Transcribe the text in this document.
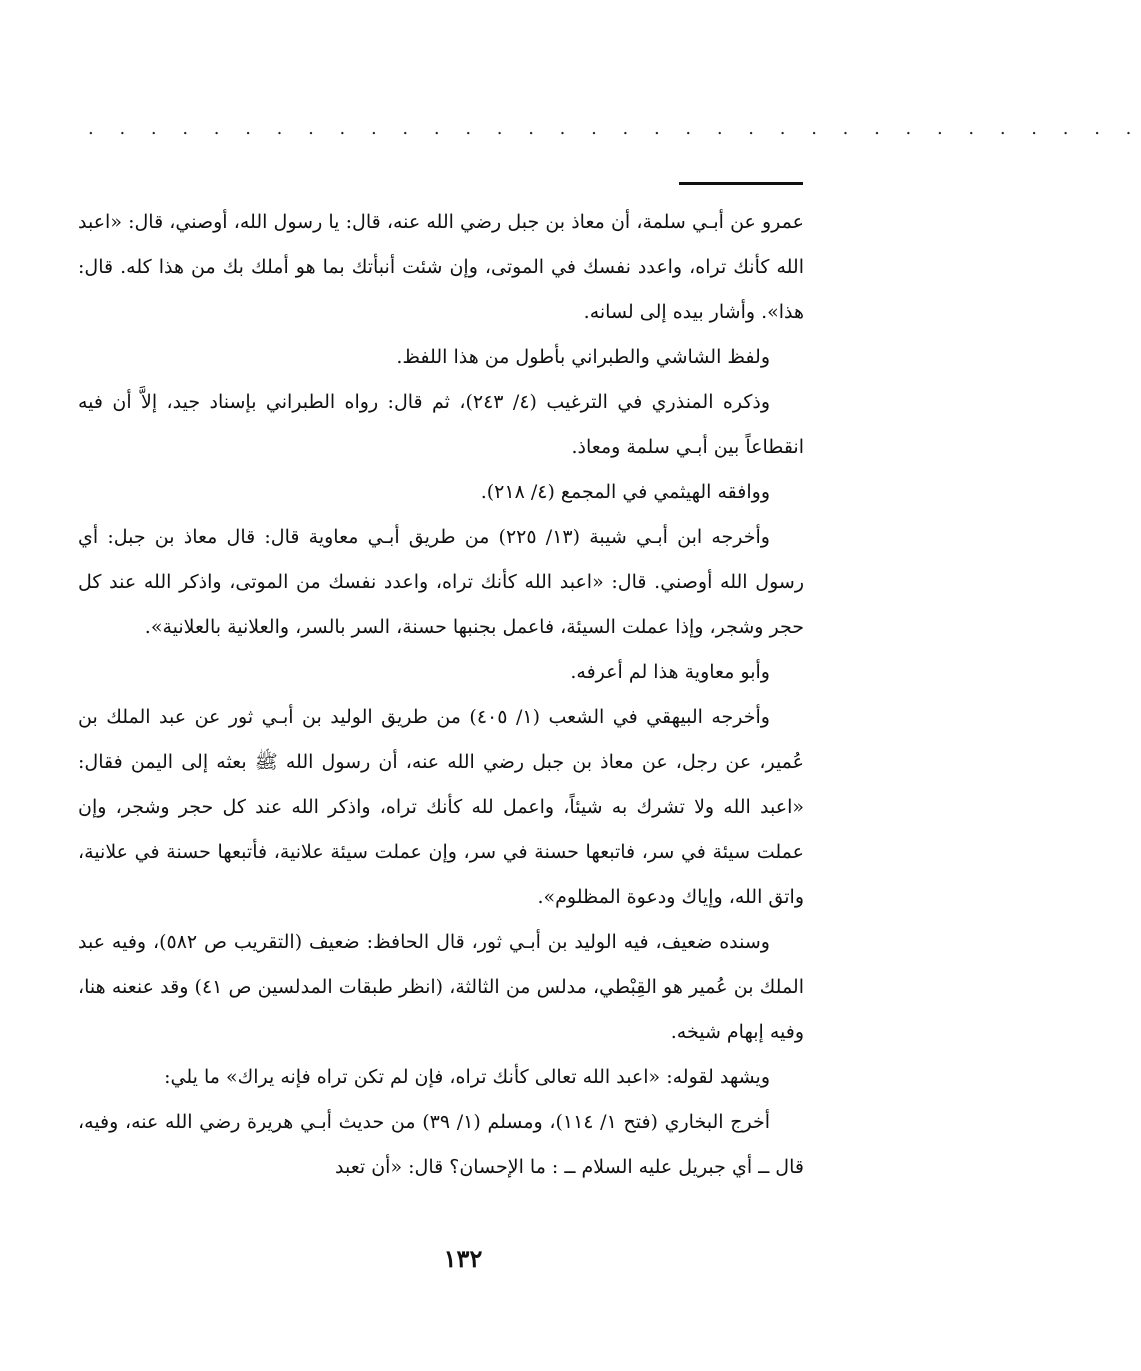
. . . . . . . . . . . . . . . . . . . . . . . . . . . . . . . . . .

عمرو عن أبـي سلمة، أن معاذ بن جبل رضي الله عنه، قال: يا رسول الله، أوصني، قال: «اعبد الله كأنك تراه، واعدد نفسك في الموتى، وإن شئت أنبأتك بما هو أملك بك من هذا كله. قال: هذا». وأشار بيده إلى لسانه.

ولفظ الشاشي والطبراني بأطول من هذا اللفظ.

وذكره المنذري في الترغيب (٤/ ٢٤٣)، ثم قال: رواه الطبراني بإسناد جيد، إلاَّ أن فيه انقطاعاً بين أبـي سلمة ومعاذ.

ووافقه الهيثمي في المجمع (٤/ ٢١٨).

وأخرجه ابن أبـي شيبة (١٣/ ٢٢٥) من طريق أبـي معاوية قال: قال معاذ بن جبل: أي رسول الله أوصني. قال: «اعبد الله كأنك تراه، واعدد نفسك من الموتى، واذكر الله عند كل حجر وشجر، وإذا عملت السيئة، فاعمل بجنبها حسنة، السر بالسر، والعلانية بالعلانية».

وأبو معاوية هذا لم أعرفه.

وأخرجه البيهقي في الشعب (١/ ٤٠٥) من طريق الوليد بن أبـي ثور عن عبد الملك بن عُمير، عن رجل، عن معاذ بن جبل رضي الله عنه، أن رسول الله ﷺ بعثه إلى اليمن فقال: «اعبد الله ولا تشرك به شيئاً، واعمل لله كأنك تراه، واذكر الله عند كل حجر وشجر، وإن عملت سيئة في سر، فاتبعها حسنة في سر، وإن عملت سيئة علانية، فأتبعها حسنة في علانية، واتق الله، وإياك ودعوة المظلوم».

وسنده ضعيف، فيه الوليد بن أبـي ثور، قال الحافظ: ضعيف (التقريب ص ٥٨٢)، وفيه عبد الملك بن عُمير هو القِبْطي، مدلس من الثالثة، (انظر طبقات المدلسين ص ٤١) وقد عنعنه هنا، وفيه إبهام شيخه.

ويشهد لقوله: «اعبد الله تعالى كأنك تراه، فإن لم تكن تراه فإنه يراك» ما يلي:

أخرج البخاري (فتح ١/ ١١٤)، ومسلم (١/ ٣٩) من حديث أبـي هريرة رضي الله عنه، وفيه، قال ــ أي جبريل عليه السلام ــ : ما الإحسان؟ قال: «أن تعبد

١٣٢
